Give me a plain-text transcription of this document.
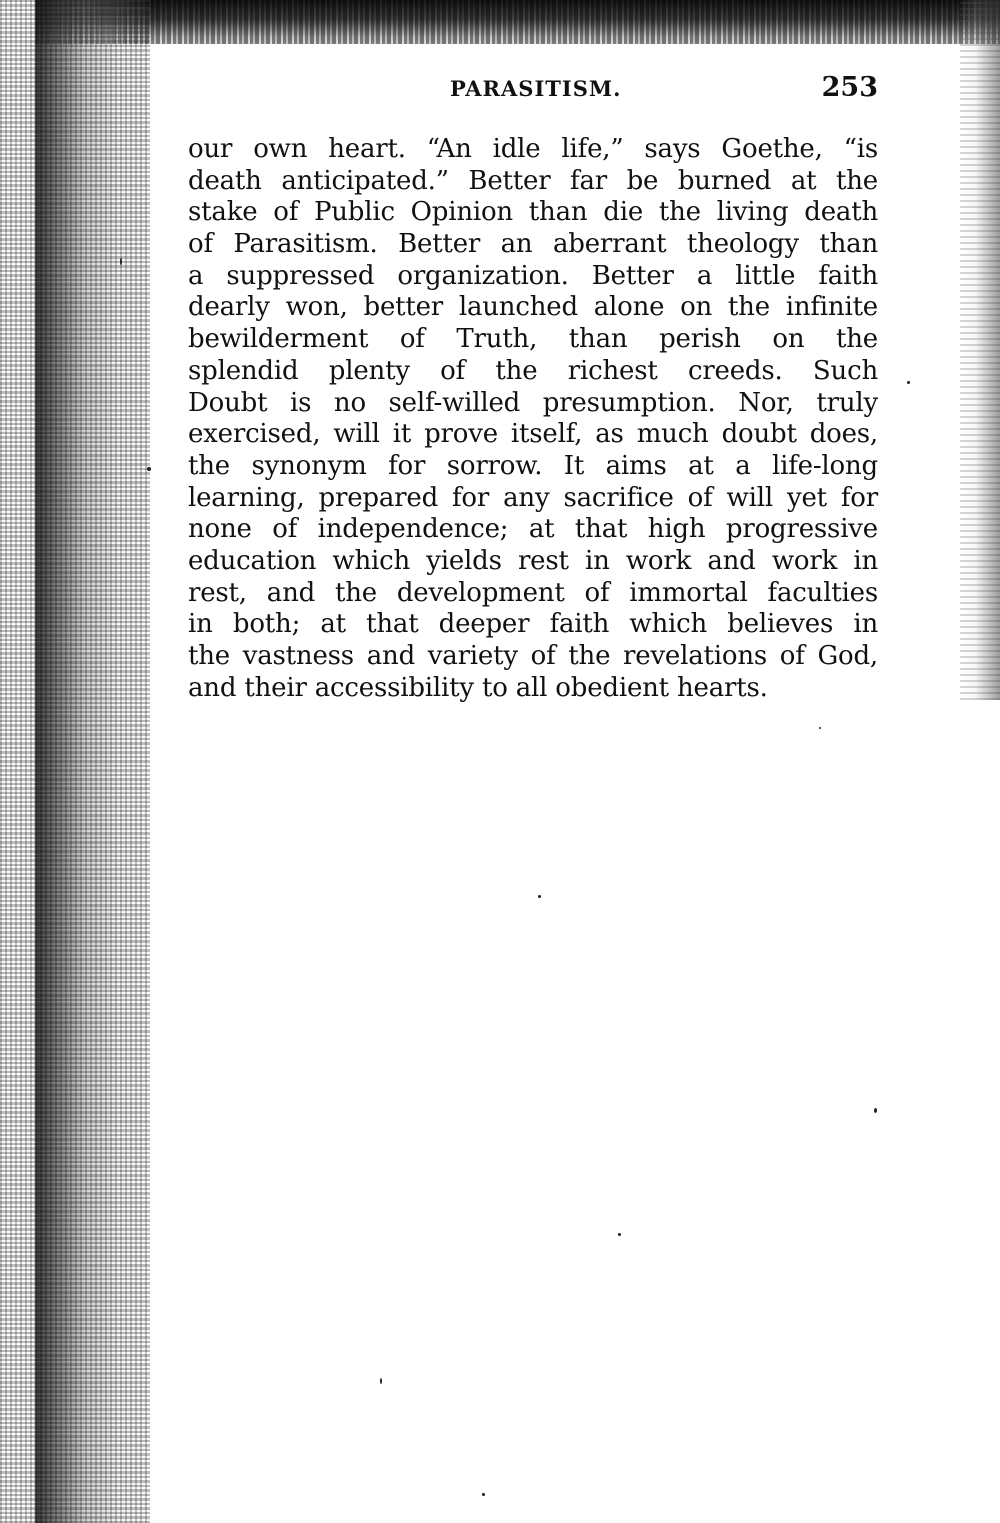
PARASITISM.	253
our own heart. “An idle life,” says Goethe, “is
death anticipated.” Better far be burned at the
stake of Public Opinion than die the living death
of Parasitism. Better an aberrant theology than
a suppressed organization. Better a little faith
dearly won, better launched alone on the infinite
bewilderment of Truth, than perish on the
splendid plenty of the richest creeds. Such
Doubt is no self-willed presumption. Nor, truly
exercised, will it prove itself, as much doubt does,
the synonym for sorrow. It aims at a life-long
learning, prepared for any sacrifice of will yet for
none of independence; at that high progressive
education which yields rest in work and work in
rest, and the development of immortal faculties
in both; at that deeper faith which believes in
the vastness and variety of the revelations of God,
and their accessibility to all obedient hearts.
